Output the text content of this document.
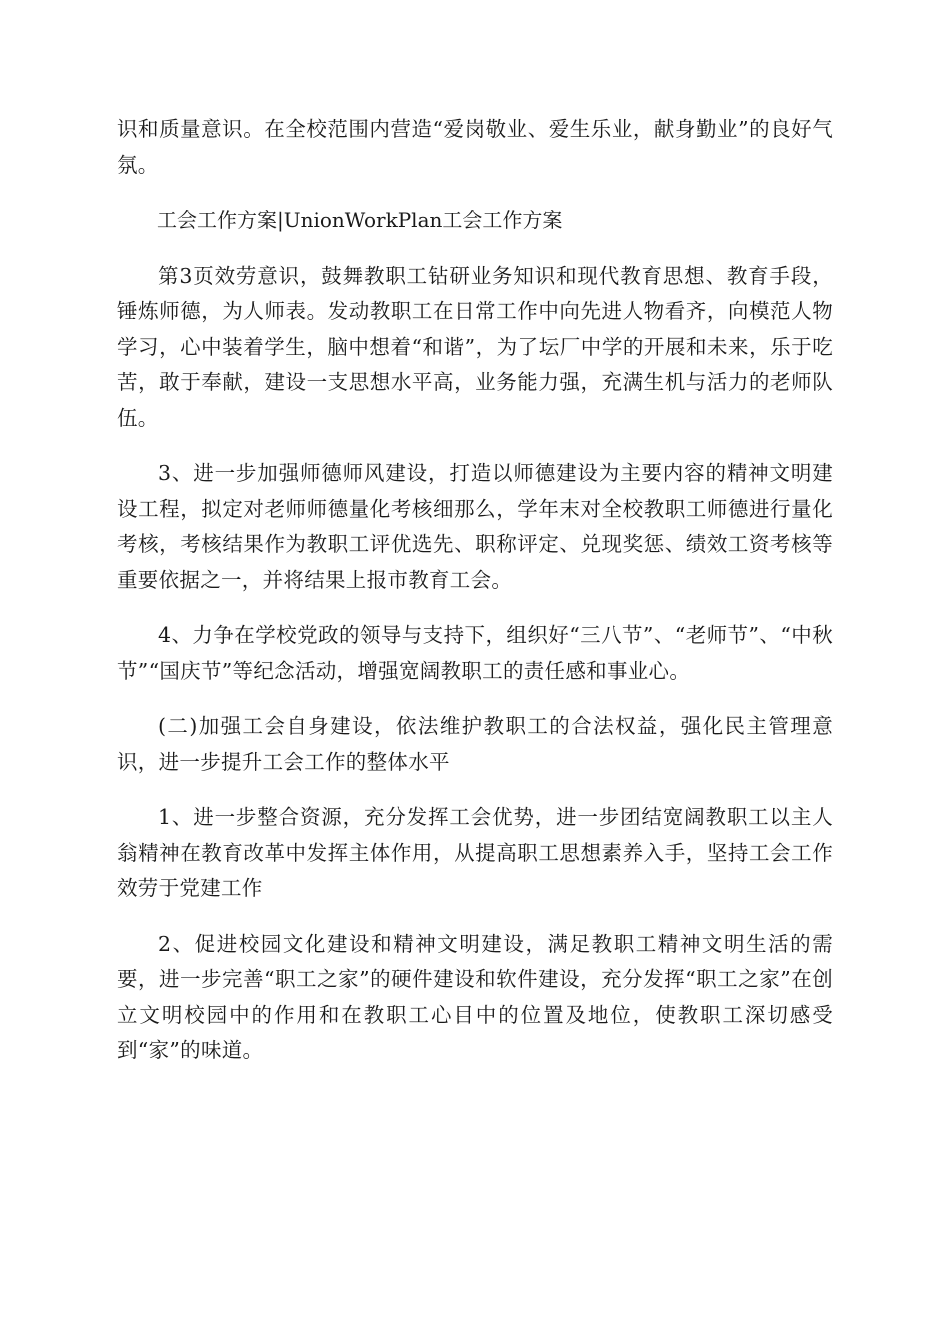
识和质量意识。在全校范围内营造“爱岗敬业、爱生乐业，献身勤业”的良好气氛。

工会工作方案|UnionWorkPlan工会工作方案

第3页效劳意识，鼓舞教职工钻研业务知识和现代教育思想、教育手段，锤炼师德，为人师表。发动教职工在日常工作中向先进人物看齐，向模范人物学习，心中装着学生，脑中想着“和谐”，为了坛厂中学的开展和未来，乐于吃苦，敢于奉献，建设一支思想水平高，业务能力强，充满生机与活力的老师队伍。

3、进一步加强师德师风建设，打造以师德建设为主要内容的精神文明建设工程，拟定对老师师德量化考核细那么，学年末对全校教职工师德进行量化考核，考核结果作为教职工评优选先、职称评定、兑现奖惩、绩效工资考核等重要依据之一，并将结果上报市教育工会。

4、力争在学校党政的领导与支持下，组织好“三八节”、“老师节”、“中秋节”“国庆节”等纪念活动，增强宽阔教职工的责任感和事业心。

(二)加强工会自身建设，依法维护教职工的合法权益，强化民主管理意识，进一步提升工会工作的整体水平

1、进一步整合资源，充分发挥工会优势，进一步团结宽阔教职工以主人翁精神在教育改革中发挥主体作用，从提高职工思想素养入手，坚持工会工作效劳于党建工作

2、促进校园文化建设和精神文明建设，满足教职工精神文明生活的需要，进一步完善“职工之家”的硬件建设和软件建设，充分发挥“职工之家”在创立文明校园中的作用和在教职工心目中的位置及地位，使教职工深切感受到“家”的味道。
